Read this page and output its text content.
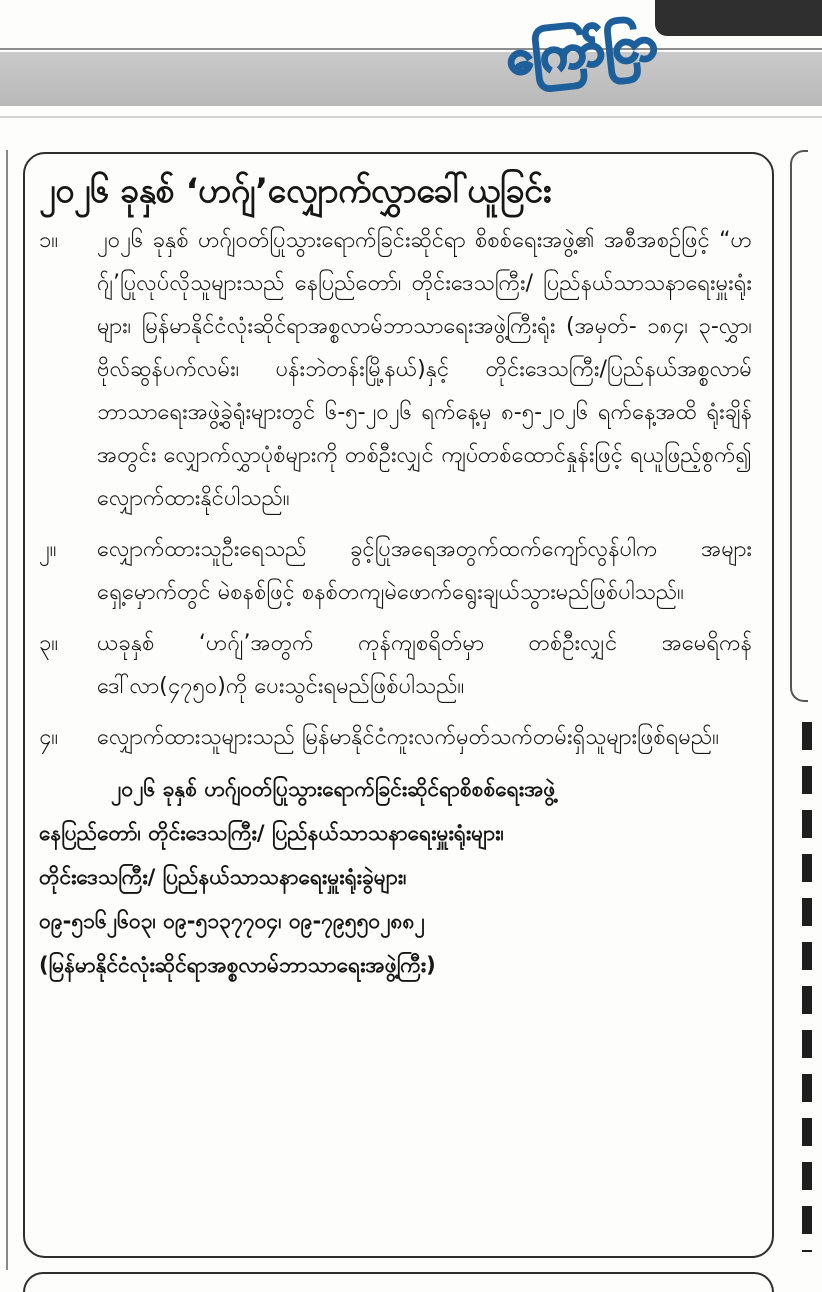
ကြော်ငြာ
၂၀၂၆ ခုနှစ် ‘ဟဂ်ျ’လျှောက်လွှာခေါ်ယူခြင်း
၁။	၂၀၂၆ ခုနှစ် ဟဂ်ျဝတ်ပြုသွားရောက်ခြင်းဆိုင်ရာ စိစစ်ရေးအဖွဲ့၏ အစီအစဉ်ဖြင့် “ဟဂ်ျ’ပြုလုပ်လိုသူများသည် နေပြည်တော်၊ တိုင်းဒေသကြီး/ ပြည်နယ်သာသနာရေးမှူးရုံးများ၊ မြန်မာနိုင်ငံလုံးဆိုင်ရာအစ္စလာမ်ဘာသာရေးအဖွဲ့ကြီးရုံး (အမှတ်- ၁၈၄၊ ၃-လွှာ၊ ဗိုလ်ဆွန်ပက်လမ်း၊ ပန်းဘဲတန်းမြို့နယ်)နှင့် တိုင်းဒေသကြီး/ပြည်နယ်အစ္စလာမ်ဘာသာရေးအဖွဲ့ခွဲရုံးများတွင် ၆-၅-၂၀၂၆ ရက်နေ့မှ ၈-၅-၂၀၂၆ ရက်နေ့အထိ ရုံးချိန်အတွင်း လျှောက်လွှာပုံစံများကို တစ်ဦးလျှင် ကျပ်တစ်ထောင်နှုန်းဖြင့် ရယူဖြည့်စွက်၍ လျှောက်ထားနိုင်ပါသည်။
၂။	လျှောက်ထားသူဦးရေသည် ခွင့်ပြုအရေအတွက်ထက်ကျော်လွန်ပါက အများရှေ့မှောက်တွင် မဲစနစ်ဖြင့် စနစ်တကျမဲဖောက်ရွေးချယ်သွားမည်ဖြစ်ပါသည်။
၃။	ယခုနှစ် ‘ဟဂ်ျ’အတွက် ကုန်ကျစရိတ်မှာ တစ်ဦးလျှင် အမေရိကန်ဒေါ်လာ(၄၇၅၀)ကို ပေးသွင်းရမည်ဖြစ်ပါသည်။
၄။	လျှောက်ထားသူများသည် မြန်မာနိုင်ငံကူးလက်မှတ်သက်တမ်းရှိသူများဖြစ်ရမည်။
၂၀၂၆ ခုနှစ် ဟဂ်ျဝတ်ပြုသွားရောက်ခြင်းဆိုင်ရာစိစစ်ရေးအဖွဲ့
နေပြည်တော်၊ တိုင်းဒေသကြီး/ ပြည်နယ်သာသနာရေးမှူးရုံးများ၊
တိုင်းဒေသကြီး/ ပြည်နယ်သာသနာရေးမှူးရုံးခွဲများ၊
၀၉-၅၁၆၂၆၀၃၊ ၀၉-၅၁၃၇၇၀၄၊ ၀၉-၇၉၅၅၀၂၈၈၂
(မြန်မာနိုင်ငံလုံးဆိုင်ရာအစ္စလာမ်ဘာသာရေးအဖွဲ့ကြီး)
